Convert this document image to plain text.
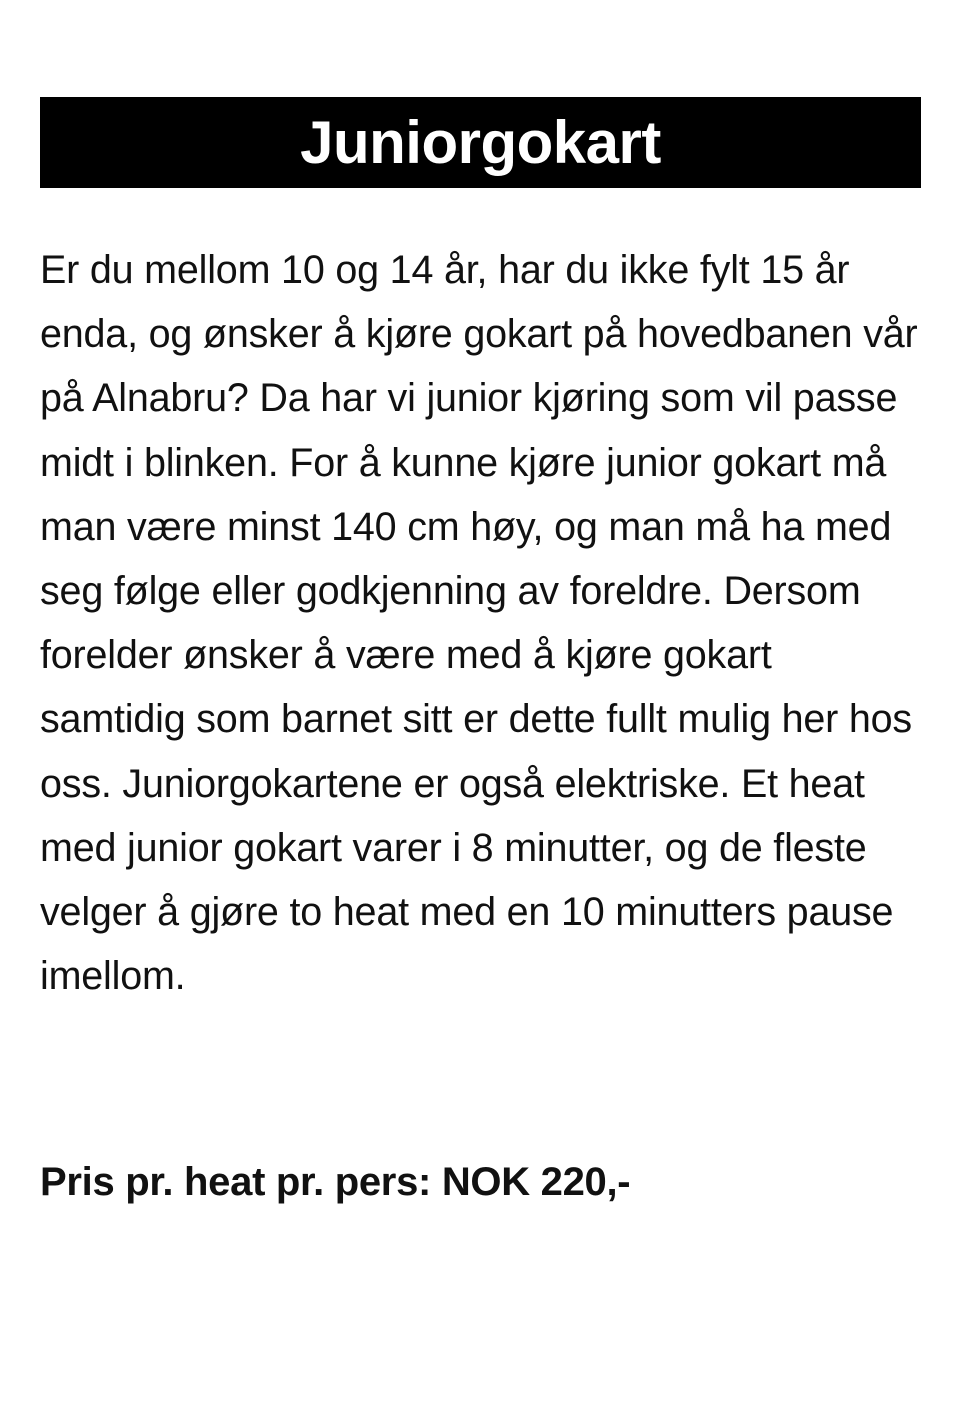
Juniorgokart

Er du mellom 10 og 14 år, har du ikke fylt 15 år enda, og ønsker å kjøre gokart på hovedbanen vår på Alnabru? Da har vi junior kjøring som vil passe midt i blinken. For å kunne kjøre junior gokart må man være minst 140 cm høy, og man må ha med seg følge eller godkjenning av foreldre. Dersom forelder ønsker å være med å kjøre gokart samtidig som barnet sitt er dette fullt mulig her hos oss. Juniorgokartene er også elektriske. Et heat med junior gokart varer i 8 minutter, og de fleste velger å gjøre to heat med en 10 minutters pause imellom.

Pris pr. heat pr. pers: NOK 220,-
